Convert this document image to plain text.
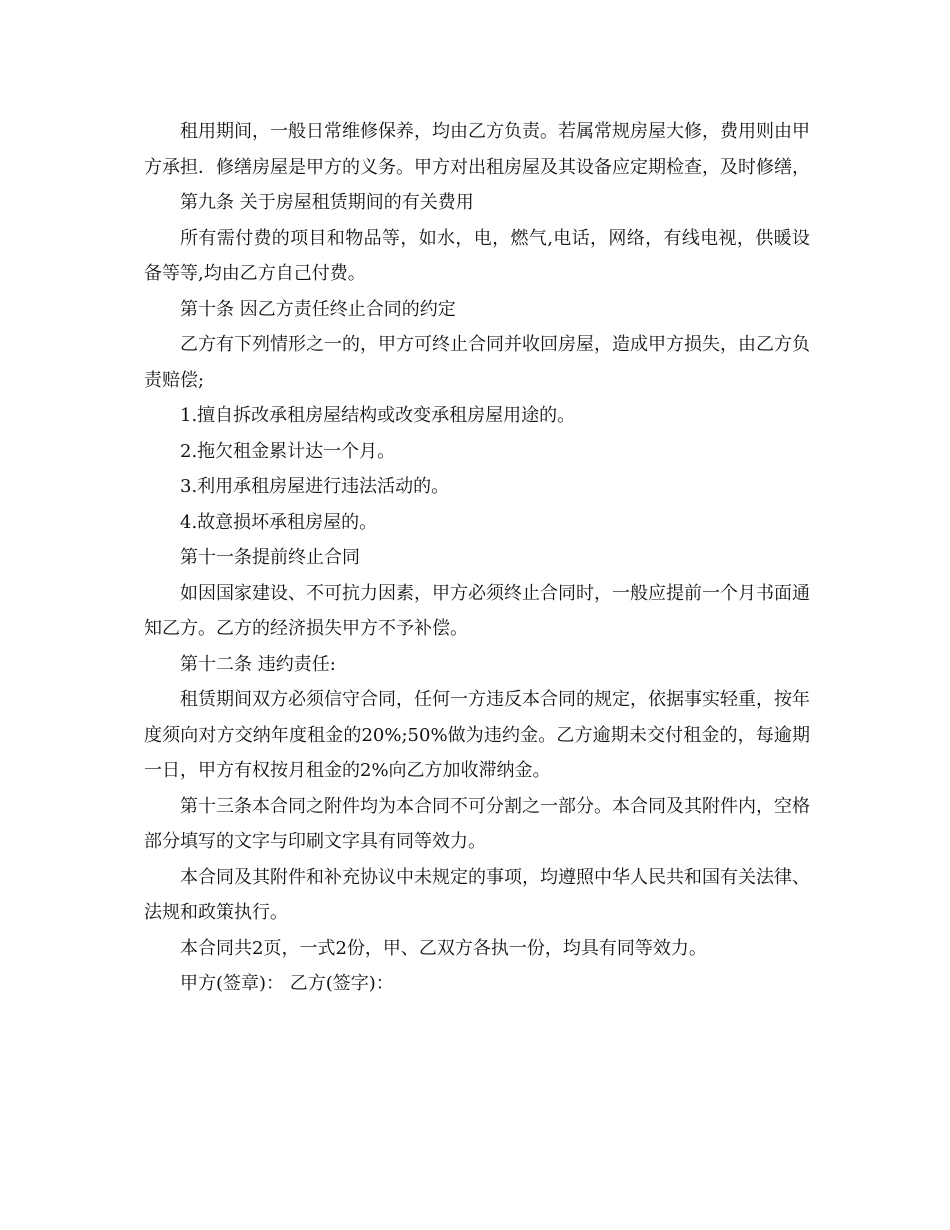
租用期间，一般日常维修保养，均由乙方负责。若属常规房屋大修，费用则由甲方承担．修缮房屋是甲方的义务。甲方对出租房屋及其设备应定期检查，及时修缮，

第九条 关于房屋租赁期间的有关费用

所有需付费的项目和物品等，如水，电，燃气,电话，网络，有线电视，供暖设备等等,均由乙方自己付费。

第十条 因乙方责任终止合同的约定

乙方有下列情形之一的，甲方可终止合同并收回房屋，造成甲方损失，由乙方负责赔偿;

1.擅自拆改承租房屋结构或改变承租房屋用途的。

2.拖欠租金累计达一个月。

3.利用承租房屋进行违法活动的。

4.故意损坏承租房屋的。

第十一条提前终止合同

如因国家建设、不可抗力因素，甲方必须终止合同时，一般应提前一个月书面通知乙方。乙方的经济损失甲方不予补偿。

第十二条 违约责任:

租赁期间双方必须信守合同，任何一方违反本合同的规定，依据事实轻重，按年度须向对方交纳年度租金的20%;50%做为违约金。乙方逾期未交付租金的，每逾期一日，甲方有权按月租金的2%向乙方加收滞纳金。

第十三条本合同之附件均为本合同不可分割之一部分。本合同及其附件内，空格部分填写的文字与印刷文字具有同等效力。

本合同及其附件和补充协议中未规定的事项，均遵照中华人民共和国有关法律、法规和政策执行。

本合同共2页，一式2份，甲、乙双方各执一份，均具有同等效力。

甲方(签章)： 乙方(签字)：
